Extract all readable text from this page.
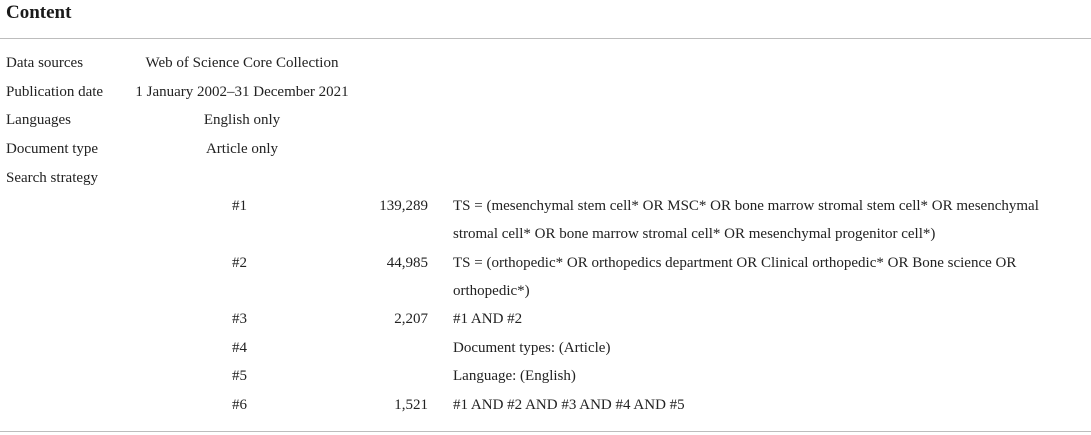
Content
Data sources	Web of Science Core Collection
Publication date	1 January 2002–31 December 2021
Languages	English only
Document type	Article only
Search strategy
#1	139,289 TS = (mesenchymal stem cell* OR MSC* OR bone marrow stromal stem cell* OR mesenchymal stromal cell* OR bone marrow stromal cell* OR mesenchymal progenitor cell*)
#2	44,985 TS = (orthopedic* OR orthopedics department OR Clinical orthopedic* OR Bone science OR orthopedic*)
#3	2,207 #1 AND #2
#4	Document types: (Article)
#5	Language: (English)
#6	1,521 #1 AND #2 AND #3 AND #4 AND #5
